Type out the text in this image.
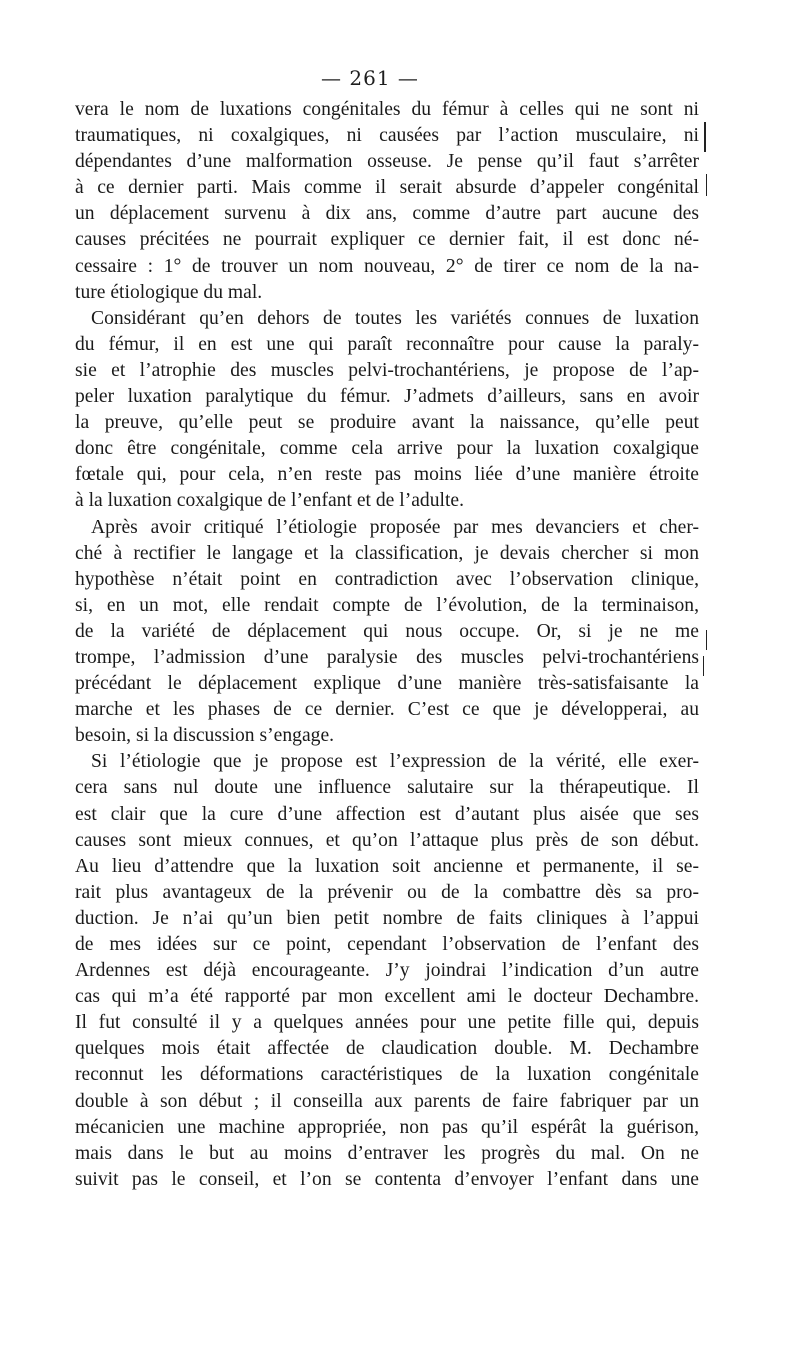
— 261 —
vera le nom de luxations congénitales du fémur à celles qui ne sont ni
traumatiques, ni coxalgiques, ni causées par l’action musculaire, ni
dépendantes d’une malformation osseuse. Je pense qu’il faut s’arrêter
à ce dernier parti. Mais comme il serait absurde d’appeler congénital
un déplacement survenu à dix ans, comme d’autre part aucune des
causes précitées ne pourrait expliquer ce dernier fait, il est donc né-
cessaire : 1° de trouver un nom nouveau, 2° de tirer ce nom de la na-
ture étiologique du mal.
Considérant qu’en dehors de toutes les variétés connues de luxation
du fémur, il en est une qui paraît reconnaître pour cause la paraly-
sie et l’atrophie des muscles pelvi-trochantériens, je propose de l’ap-
peler luxation paralytique du fémur. J’admets d’ailleurs, sans en avoir
la preuve, qu’elle peut se produire avant la naissance, qu’elle peut
donc être congénitale, comme cela arrive pour la luxation coxalgique
fœtale qui, pour cela, n’en reste pas moins liée d’une manière étroite
à la luxation coxalgique de l’enfant et de l’adulte.
Après avoir critiqué l’étiologie proposée par mes devanciers et cher-
ché à rectifier le langage et la classification, je devais chercher si mon
hypothèse n’était point en contradiction avec l’observation clinique,
si, en un mot, elle rendait compte de l’évolution, de la terminaison,
de la variété de déplacement qui nous occupe. Or, si je ne me
trompe, l’admission d’une paralysie des muscles pelvi-trochantériens
précédant le déplacement explique d’une manière très-satisfaisante la
marche et les phases de ce dernier. C’est ce que je développerai, au
besoin, si la discussion s’engage.
Si l’étiologie que je propose est l’expression de la vérité, elle exer-
cera sans nul doute une influence salutaire sur la thérapeutique. Il
est clair que la cure d’une affection est d’autant plus aisée que ses
causes sont mieux connues, et qu’on l’attaque plus près de son début.
Au lieu d’attendre que la luxation soit ancienne et permanente, il se-
rait plus avantageux de la prévenir ou de la combattre dès sa pro-
duction. Je n’ai qu’un bien petit nombre de faits cliniques à l’appui
de mes idées sur ce point, cependant l’observation de l’enfant des
Ardennes est déjà encourageante. J’y joindrai l’indication d’un autre
cas qui m’a été rapporté par mon excellent ami le docteur Dechambre.
Il fut consulté il y a quelques années pour une petite fille qui, depuis
quelques mois était affectée de claudication double. M. Dechambre
reconnut les déformations caractéristiques de la luxation congénitale
double à son début ; il conseilla aux parents de faire fabriquer par un
mécanicien une machine appropriée, non pas qu’il espérât la guérison,
mais dans le but au moins d’entraver les progrès du mal. On ne
suivit pas le conseil, et l’on se contenta d’envoyer l’enfant dans une
